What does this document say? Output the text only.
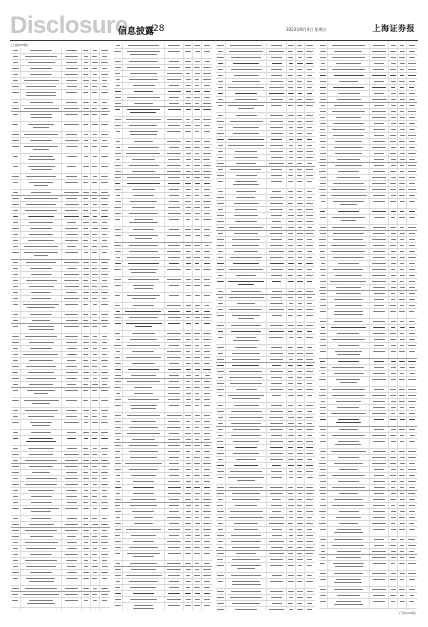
Disclosure
信息披露
/28	2023年8月4日 星期五	上海证券报
(上接A27版)
(下转A29版)
